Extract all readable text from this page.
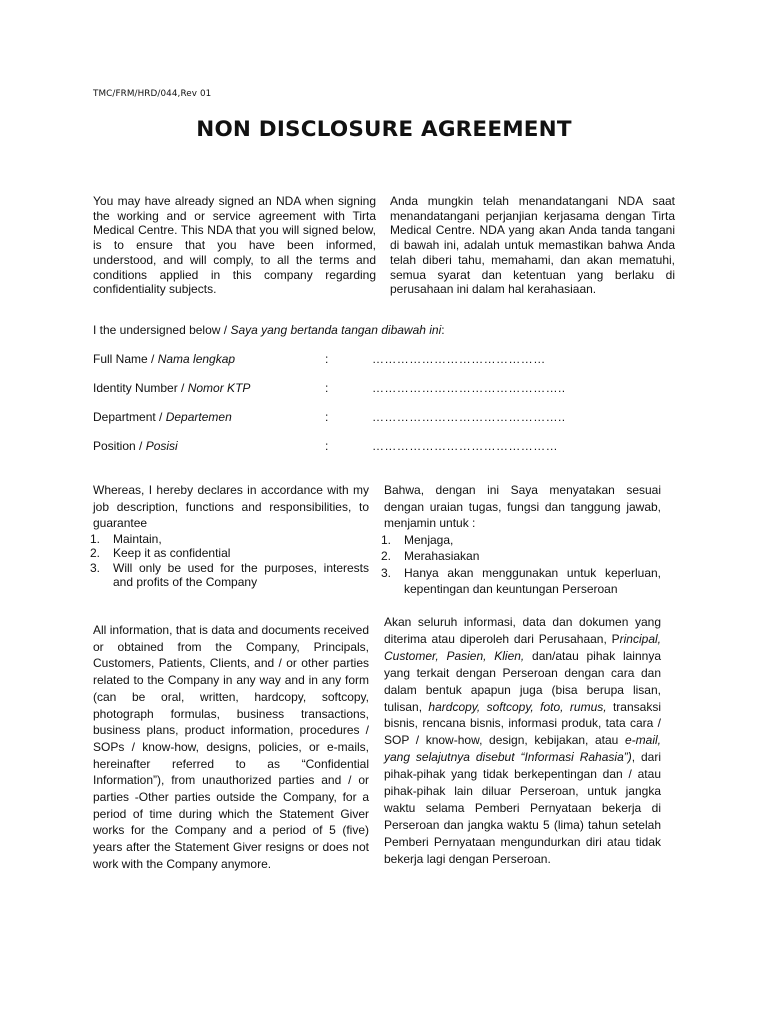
TMC/FRM/HRD/044,Rev 01
NON DISCLOSURE AGREEMENT

You may have already signed an NDA when signing the working and or service agreement with Tirta Medical Centre. This NDA that you will signed below, is to ensure that you have been informed, understood, and will comply, to all the terms and conditions applied in this company regarding confidentiality subjects.

Anda mungkin telah menandatangani NDA saat menandatangani perjanjian kerjasama dengan Tirta Medical Centre. NDA yang akan Anda tanda tangani di bawah ini, adalah untuk memastikan bahwa Anda telah diberi tahu, memahami, dan akan mematuhi, semua syarat dan ketentuan yang berlaku di perusahaan ini dalam hal kerahasiaan.

I the undersigned below / Saya yang bertanda tangan dibawah ini:
Full Name / Nama lengkap	:	……………………………………
Identity Number / Nomor KTP	:	………………………………………..
Department / Departemen	:	………………………………………..
Position / Posisi	:	………………………………………
Whereas, I hereby declares in accordance with my job description, functions and responsibilities, to guarantee
1. Maintain,
2. Keep it as confidential
3. Will only be used for the purposes, interests and profits of the Company
Bahwa, dengan ini Saya menyatakan sesuai dengan uraian tugas, fungsi dan tanggung jawab, menjamin untuk :
1. Menjaga,
2. Merahasiakan
3. Hanya akan menggunakan untuk keperluan, kepentingan dan keuntungan Perseroan

All information, that is data and documents received or obtained from the Company, Principals, Customers, Patients, Clients, and / or other parties related to the Company in any way and in any form (can be oral, written, hardcopy, softcopy, photograph formulas, business transactions, business plans, product information, procedures / SOPs / know-how, designs, policies, or e-mails, hereinafter referred to as “Confidential Information”), from unauthorized parties and / or parties -Other parties outside the Company, for a period of time during which the Statement Giver works for the Company and a period of 5 (five) years after the Statement Giver resigns or does not work with the Company anymore.

Akan seluruh informasi, data dan dokumen yang diterima atau diperoleh dari Perusahaan, Principal, Customer, Pasien, Klien, dan/atau pihak lainnya yang terkait dengan Perseroan dengan cara dan dalam bentuk apapun juga (bisa berupa lisan, tulisan, hardcopy, softcopy, foto, rumus, transaksi bisnis, rencana bisnis, informasi produk, tata cara / SOP / know-how, design, kebijakan, atau e-mail, yang selajutnya disebut “Informasi Rahasia”), dari pihak-pihak yang tidak berkepentingan dan / atau pihak-pihak lain diluar Perseroan, untuk jangka waktu selama Pemberi Pernyataan bekerja di Perseroan dan jangka waktu 5 (lima) tahun setelah Pemberi Pernyataan mengundurkan diri atau tidak bekerja lagi dengan Perseroan.
